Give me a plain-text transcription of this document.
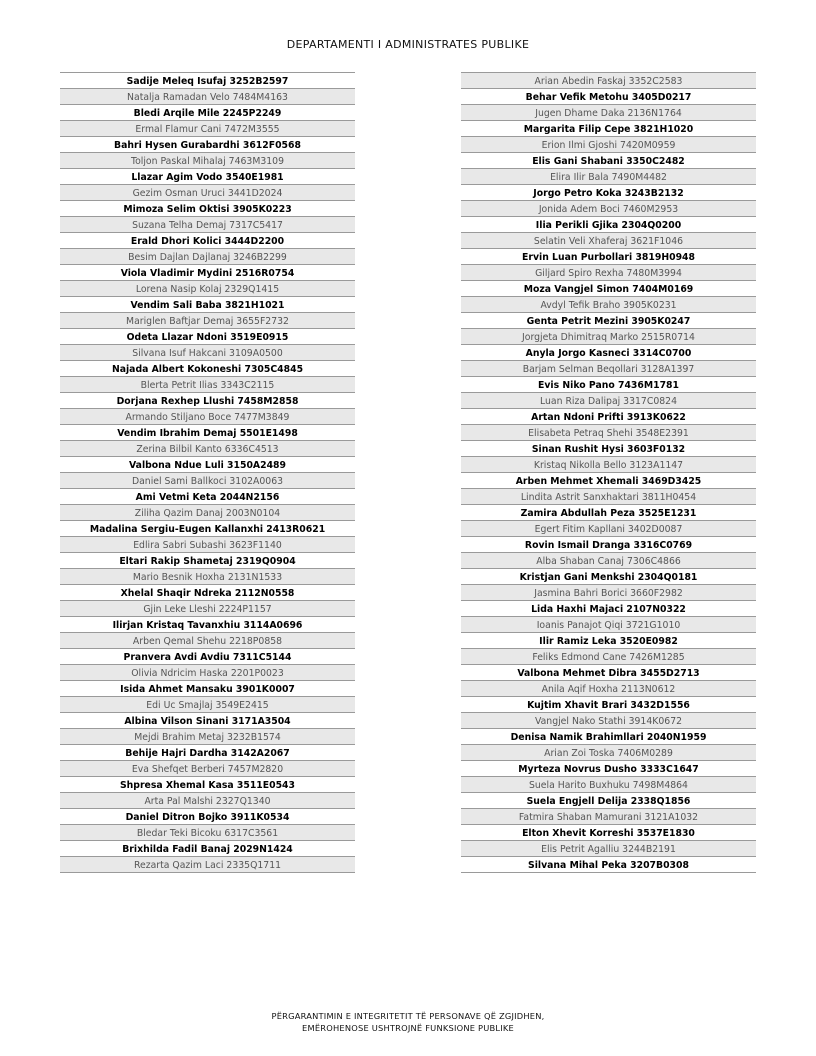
DEPARTAMENTI I ADMINISTRATES PUBLIKE
Sadije Meleq Isufaj 3252B2597
Natalja Ramadan Velo 7484M4163
Bledi Arqile Mile 2245P2249
Ermal Flamur Cani 7472M3555
Bahri Hysen Gurabardhi 3612F0568
Toljon Paskal Mihalaj 7463M3109
Llazar Agim Vodo 3540E1981
Gezim Osman Uruci 3441D2024
Mimoza Selim Oktisi 3905K0223
Suzana Telha Demaj 7317C5417
Erald Dhori Kolici 3444D2200
Besim Dajlan Dajlanaj 3246B2299
Viola Vladimir Mydini 2516R0754
Lorena Nasip Kolaj 2329Q1415
Vendim Sali Baba 3821H1021
Mariglen Baftjar Demaj 3655F2732
Odeta Llazar Ndoni 3519E0915
Silvana Isuf Hakcani 3109A0500
Najada Albert Kokoneshi 7305C4845
Blerta Petrit Ilias 3343C2115
Dorjana Rexhep Llushi 7458M2858
Armando Stiljano Boce 7477M3849
Vendim Ibrahim Demaj 5501E1498
Zerina Bilbil Kanto 6336C4513
Valbona Ndue Luli 3150A2489
Daniel Sami Ballkoci 3102A0063
Ami Vetmi Keta 2044N2156
Ziliha Qazim Danaj 2003N0104
Madalina Sergiu-Eugen Kallanxhi 2413R0621
Edlira Sabri Subashi 3623F1140
Eltari Rakip Shametaj 2319Q0904
Mario Besnik Hoxha 2131N1533
Xhelal Shaqir Ndreka 2112N0558
Gjin Leke Lleshi 2224P1157
Ilirjan Kristaq Tavanxhiu 3114A0696
Arben Qemal Shehu 2218P0858
Pranvera Avdi Avdiu 7311C5144
Olivia Ndricim Haska 2201P0023
Isida Ahmet Mansaku 3901K0007
Edi Uc Smajlaj 3549E2415
Albina Vilson Sinani 3171A3504
Mejdi Brahim Metaj 3232B1574
Behije Hajri Dardha 3142A2067
Eva Shefqet Berberi 7457M2820
Shpresa Xhemal Kasa 3511E0543
Arta Pal Malshi 2327Q1340
Daniel Ditron Bojko 3911K0534
Bledar Teki Bicoku 6317C3561
Brixhilda Fadil Banaj 2029N1424
Rezarta Qazim Laci 2335Q1711
Arian Abedin Faskaj 3352C2583
Behar Vefik Metohu 3405D0217
Jugen Dhame Daka 2136N1764
Margarita Filip Cepe 3821H1020
Erion Ilmi Gjoshi 7420M0959
Elis Gani Shabani 3350C2482
Elira Ilir Bala 7490M4482
Jorgo Petro Koka 3243B2132
Jonida Adem Boci 7460M2953
Ilia Perikli Gjika 2304Q0200
Selatin Veli Xhaferaj 3621F1046
Ervin Luan Purbollari 3819H0948
Giljard Spiro Rexha 7480M3994
Moza Vangjel Simon 7404M0169
Avdyl Tefik Braho 3905K0231
Genta Petrit Mezini 3905K0247
Jorgjeta Dhimitraq Marko 2515R0714
Anyla Jorgo Kasneci 3314C0700
Barjam Selman Beqollari 3128A1397
Evis Niko Pano 7436M1781
Luan Riza Dalipaj 3317C0824
Artan Ndoni Prifti 3913K0622
Elisabeta Petraq Shehi 3548E2391
Sinan Rushit Hysi 3603F0132
Kristaq Nikolla Bello 3123A1147
Arben Mehmet Xhemali 3469D3425
Lindita Astrit Sanxhaktari 3811H0454
Zamira Abdullah Peza 3525E1231
Egert Fitim Kapllani 3402D0087
Rovin Ismail Dranga 3316C0769
Alba Shaban Canaj 7306C4866
Kristjan Gani Menkshi 2304Q0181
Jasmina Bahri Borici 3660F2982
Lida Haxhi Majaci 2107N0322
Ioanis Panajot Qiqi 3721G1010
Ilir Ramiz Leka 3520E0982
Feliks Edmond Cane 7426M1285
Valbona Mehmet Dibra 3455D2713
Anila Aqif Hoxha 2113N0612
Kujtim Xhavit Brari 3432D1556
Vangjel Nako Stathi 3914K0672
Denisa Namik Brahimllari 2040N1959
Arian Zoi Toska 7406M0289
Myrteza Novrus Dusho 3333C1647
Suela Harito Buxhuku 7498M4864
Suela Engjell Delija 2338Q1856
Fatmira Shaban Mamurani 3121A1032
Elton Xhevit Korreshi 3537E1830
Elis Petrit Agalliu 3244B2191
Silvana Mihal Peka 3207B0308
PËRGARANTIMIN E INTEGRITETIT TË PERSONAVE QË ZGJIDHEN,
EMËROHENOSE USHTROJNË FUNKSIONE PUBLIKE
